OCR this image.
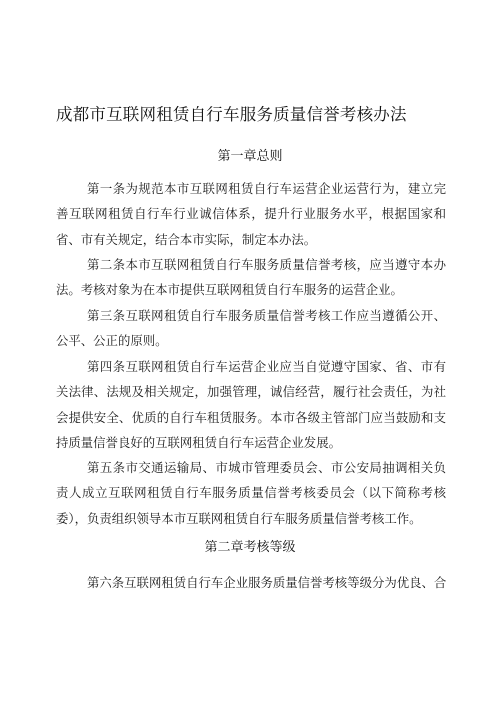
成都市互联网租赁自行车服务质量信誉考核办法
第一章总则

第一条为规范本市互联网租赁自行车运营企业运营行为，建立完善互联网租赁自行车行业诚信体系，提升行业服务水平，根据国家和省、市有关规定，结合本市实际，制定本办法。

第二条本市互联网租赁自行车服务质量信誉考核，应当遵守本办法。考核对象为在本市提供互联网租赁自行车服务的运营企业。

第三条互联网租赁自行车服务质量信誉考核工作应当遵循公开、公平、公正的原则。

第四条互联网租赁自行车运营企业应当自觉遵守国家、省、市有关法律、法规及相关规定，加强管理，诚信经营，履行社会责任，为社会提供安全、优质的自行车租赁服务。本市各级主管部门应当鼓励和支持质量信誉良好的互联网租赁自行车运营企业发展。

第五条市交通运输局、市城市管理委员会、市公安局抽调相关负责人成立互联网租赁自行车服务质量信誉考核委员会（以下简称考核委），负责组织领导本市互联网租赁自行车服务质量信誉考核工作。

第二章考核等级

第六条互联网租赁自行车企业服务质量信誉考核等级分为优良、合
